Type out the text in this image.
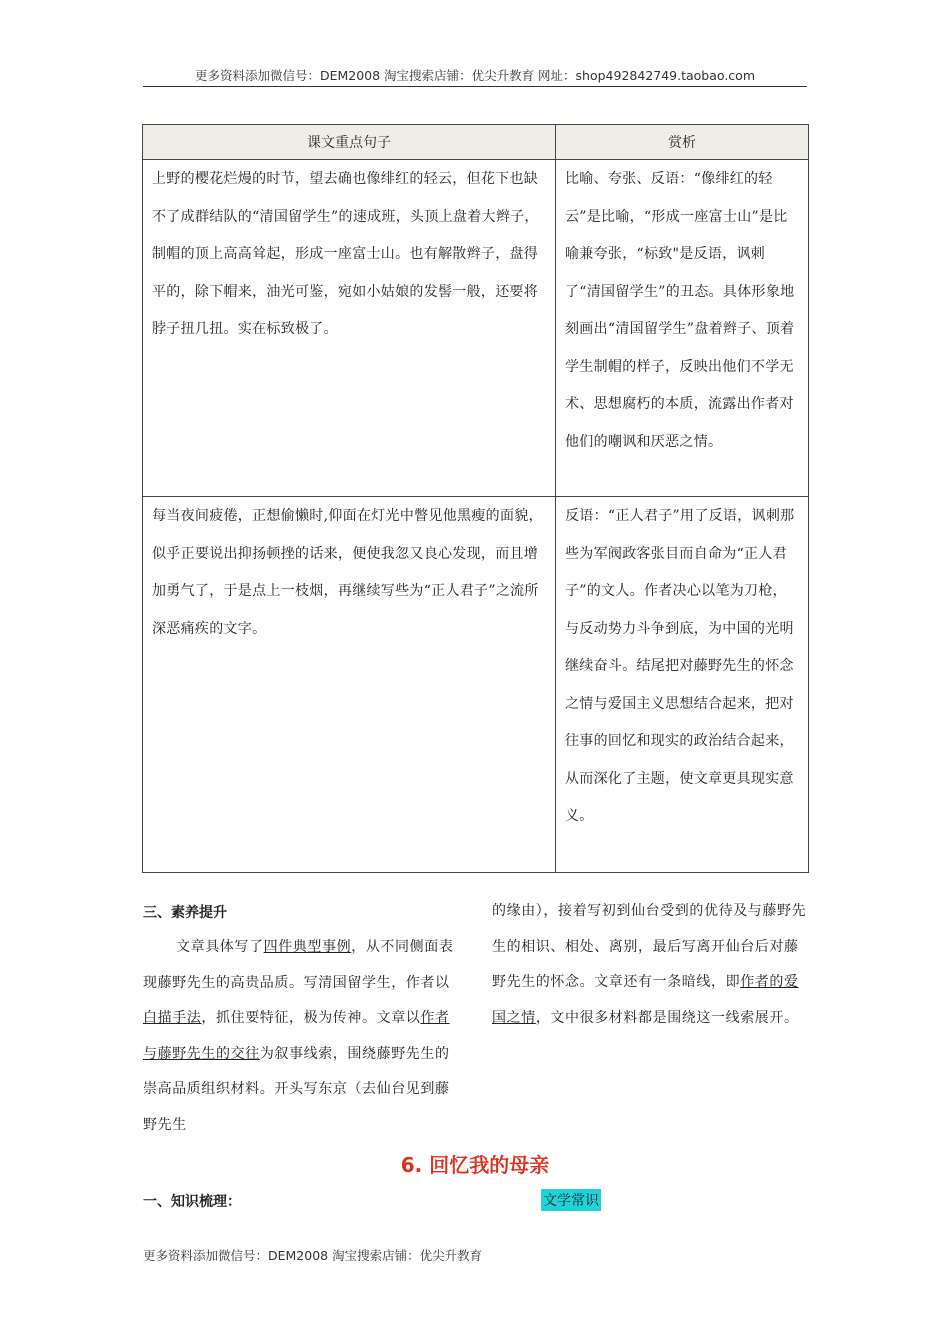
更多资料添加微信号：DEM2008 淘宝搜索店铺：优尖升教育 网址：shop492842749.taobao.com
课文重点句子	赏析

上野的樱花烂熳的时节，望去确也像绯红的轻云，但花下也缺不了成群结队的“清国留学生”的速成班，头顶上盘着大辫子，制帽的顶上高高耸起，形成一座富士山。也有解散辫子，盘得平的，除下帽来，油光可鉴，宛如小姑娘的发髻一般，还要将脖子扭几扭。实在标致极了。	比喻、夸张、反语：“像绯红的轻云”是比喻，“形成一座富士山”是比喻兼夸张，“标致"是反语，讽刺了“清国留学生”的丑态。具体形象地刻画出“清国留学生”盘着辫子、顶着学生制帽的样子，反映出他们不学无术、思想腐朽的本质，流露出作者对他们的嘲讽和厌恶之情。

每当夜间疲倦，正想偷懒时,仰面在灯光中瞥见他黑瘦的面貌，似乎正要说出抑扬顿挫的话来，便使我忽又良心发现，而且增加勇气了，于是点上一枝烟，再继续写些为“正人君子”之流所深恶痛疾的文字。	反语：“正人君子”用了反语，讽刺那些为军阀政客张目而自命为“正人君子”的文人。作者决心以笔为刀枪，与反动势力斗争到底，为中国的光明继续奋斗。结尾把对藤野先生的怀念之情与爱国主义思想结合起来，把对往事的回忆和现实的政治结合起来，从而深化了主题，使文章更具现实意义。
三、素养提升
文章具体写了四件典型事例，从不同侧面表现藤野先生的高贵品质。写清国留学生，作者以白描手法，抓住要特征，极为传神。文章以作者与藤野先生的交往为叙事线索，围绕藤野先生的崇高品质组织材料。开头写东京（去仙台见到藤野先生
的缘由），接着写初到仙台受到的优待及与藤野先生的相识、相处、离别，最后写离开仙台后对藤野先生的怀念。文章还有一条暗线，即作者的爱国之情，文中很多材料都是围绕这一线索展开。
6. 回忆我的母亲
一、知识梳理：	文学常识
更多资料添加微信号：DEM2008 淘宝搜索店铺：优尖升教育
